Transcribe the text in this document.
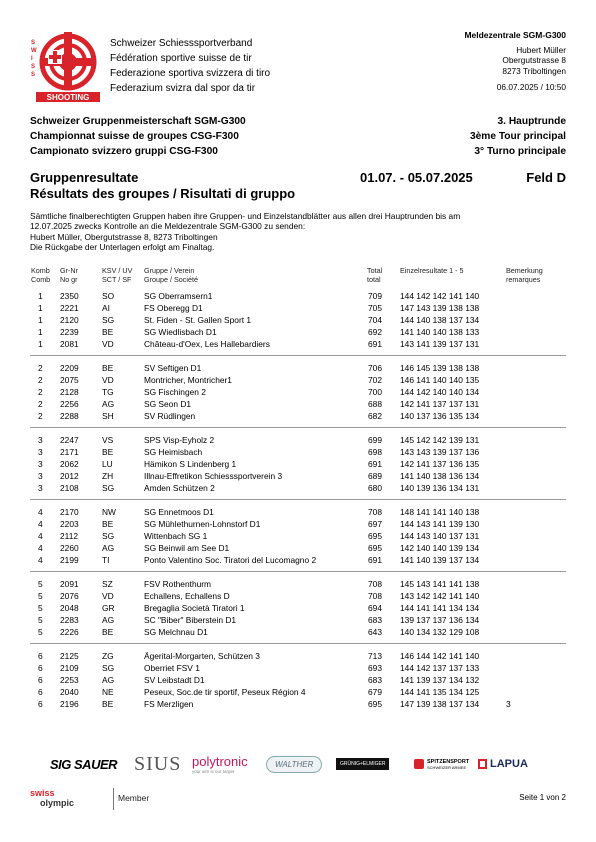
S
W
I
S
S
SHOOTING
Schweizer Schiesssportverband
Fédération sportive suisse de tir
Federazione sportiva svizzera di tiro
Federazium svizra dal spor da tir
Meldezentrale SGM-G300
Hubert Müller
Obergutstrasse 8
8273 Triboltingen
06.07.2025 / 10:50
Schweizer Gruppenmeisterschaft SGM-G300
Championnat suisse de groupes CSG-F300
Campionato svizzero gruppi CSG-F300
3. Hauptrunde
3ème Tour principal
3° Turno principale
Gruppenresultate
Résultats des groupes / Risultati di gruppo
01.07. - 05.07.2025	Feld D
Sämtliche finalberechtigten Gruppen haben ihre Gruppen- und Einzelstandblätter aus allen drei Hauptrunden bis am
12.07.2025 zwecks Kontrolle an die Meldezentrale SGM-G300 zu senden:
Hubert Müller, Obergutstrasse 8, 8273 Triboltingen
Die Rückgabe der Unterlagen erfolgt am Finaltag.
Komb
Comb
Gr-Nr
No gr
KSV / UV
SCT / SF
Gruppe / Verein
Groupe / Société
Total
total
Einzelresultate 1 - 5	Bemerkung
remarques
1 2350	SO	SG Oberramsern1	709 144 142 142 141 140
1 2221	AI	FS Oberegg D1	705 147 143 139 138 138
1 2120	SG	St. Fiden - St. Gallen Sport 1	704 144 140 138 137 134
1 2239	BE	SG Wiedlisbach D1	692 141 140 140 138 133
1 2081	VD	Château-d'Oex, Les Hallebardiers	691 143 141 139 137 131
2 2209	BE	SV Seftigen D1	706 146 145 139 138 138
2 2075	VD	Montricher, Montricher1	702 146 141 140 140 135
2 2128	TG	SG Fischingen 2	700 144 142 140 140 134
2 2256	AG	SG Seon D1	688 142 141 137 137 131
2 2288	SH	SV Rüdlingen	682 140 137 136 135 134
3 2247	VS	SPS Visp-Eyholz 2	699 145 142 142 139 131
3 2171	BE	SG Heimisbach	698 143 143 139 137 136
3 2062	LU	Hämikon S Lindenberg 1	691 142 141 137 136 135
3 2012	ZH	Illnau-Effretikon Schiesssportverein 3	689 141 140 138 136 134
3 2108	SG	Amden Schützen 2	680 140 139 136 134 131
4 2170	NW	SG Ennetmoos D1	708 148 141 141 140 138
4 2203	BE	SG Mühlethurnen-Lohnstorf D1	697 144 143 141 139 130
4 2112	SG	Wittenbach SG 1	695 144 143 140 137 131
4 2260	AG	SG Beinwil am See D1	695 142 140 140 139 134
4 2199	TI	Ponto Valentino Soc. Tiratori del Lucomagno 2	691 141 140 139 137 134
5 2091	SZ	FSV Rothenthurm	708 145 143 141 141 138
5 2076	VD	Echallens, Echallens D	708 143 142 142 141 140
5 2048	GR	Bregaglia Società Tiratori 1	694 144 141 141 134 134
5 2283	AG	SC "Biber" Biberstein D1	683 139 137 137 136 134
5 2226	BE	SG Melchnau D1	643 140 134 132 129 108
6 2125	ZG	Ägerital-Morgarten, Schützen 3	713 146 144 142 141 140
6 2109	SG	Oberriet FSV 1	693 144 142 137 137 133
6 2253	AG	SV Leibstadt D1	683 141 139 137 134 132
6 2040	NE	Peseux, Soc.de tir sportif, Peseux Région 4	679 144 141 135 134 125
6 2196	BE	FS Merzligen	695 147 139 138 137 134	3
SIG SAUER SIUS polytronic
your aim is our target
WALTHER	GRÜNIG+ELMIGER	SPITZENSPORT
SCHWEIZER ARMEE LAPUA
swiss
olympic	Member	Seite 1 von 2
